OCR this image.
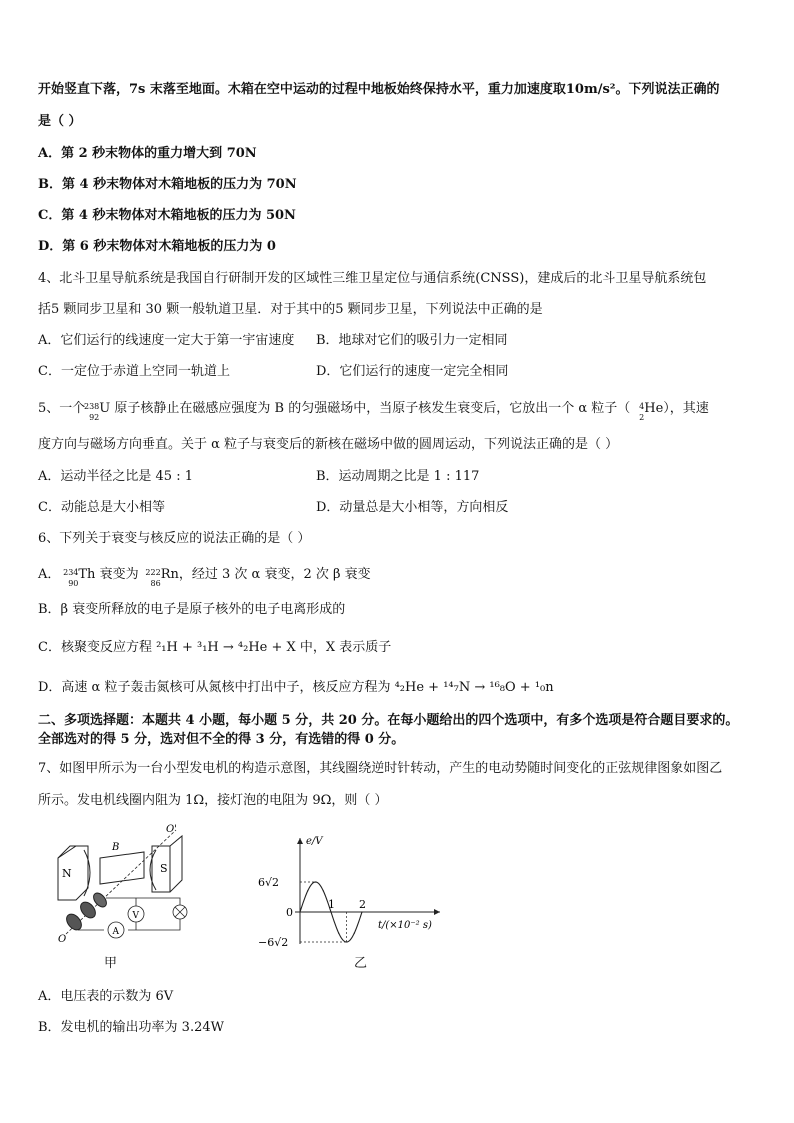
开始竖直下落，7s 末落至地面。木箱在空中运动的过程中地板始终保持水平，重力加速度取10m/s²。下列说法正确的
是（ ）
A．第 2 秒末物体的重力增大到 70N
B．第 4 秒末物体对木箱地板的压力为 70N
C．第 4 秒末物体对木箱地板的压力为 50N
D．第 6 秒末物体对木箱地板的压力为 0
4、北斗卫星导航系统是我国自行研制开发的区域性三维卫星定位与通信系统(CNSS)，建成后的北斗卫星导航系统包
括5 颗同步卫星和 30 颗一般轨道卫星．对于其中的5 颗同步卫星，下列说法中正确的是
A．它们运行的线速度一定大于第一宇宙速度 B．地球对它们的吸引力一定相同
C．一定位于赤道上空同一轨道上	D．它们运行的速度一定完全相同
5、一个
238
92
U 原子核静止在磁感应强度为 B 的匀强磁场中，当原子核发生衰变后，它放出一个 α 粒子（ 4
2
He），其速
度方向与磁场方向垂直。关于 α 粒子与衰变后的新核在磁场中做的圆周运动，下列说法正确的是（ ）
A．运动半径之比是 45 : 1	B．运动周期之比是 1 : 117
C．动能总是大小相等	D．动量总是大小相等，方向相反
6、下列关于衰变与核反应的说法正确的是（ ）
A． 234
90
Th 衰变为 222
86
Rn，经过 3 次 α 衰变，2 次 β 衰变
B．β 衰变所释放的电子是原子核外的电子电离形成的
C．核聚变反应方程 ²₁H + ³₁H → ⁴₂He + X 中，X 表示质子
D．高速 α 粒子轰击氮核可从氮核中打出中子，核反应方程为 ⁴₂He + ¹⁴₇N → ¹⁶₈O + ¹₀n
二、多项选择题：本题共 4 小题，每小题 5 分，共 20 分。在每小题给出的四个选项中，有多个选项是符合题目要求的。
全部选对的得 5 分，选对但不全的得 3 分，有选错的得 0 分。
7、如图甲所示为一台小型发电机的构造示意图，其线圈绕逆时针转动，产生的电动势随时间变化的正弦规律图象如图乙
所示。发电机线圈内阻为 1Ω，接灯泡的电阻为 9Ω，则（ ）
N	S
B
O'
O
V
A
甲
1 2
6√2
0
−6√2
e/V
t/(×10⁻² s)
乙
A．电压表的示数为 6V
B．发电机的输出功率为 3.24W
